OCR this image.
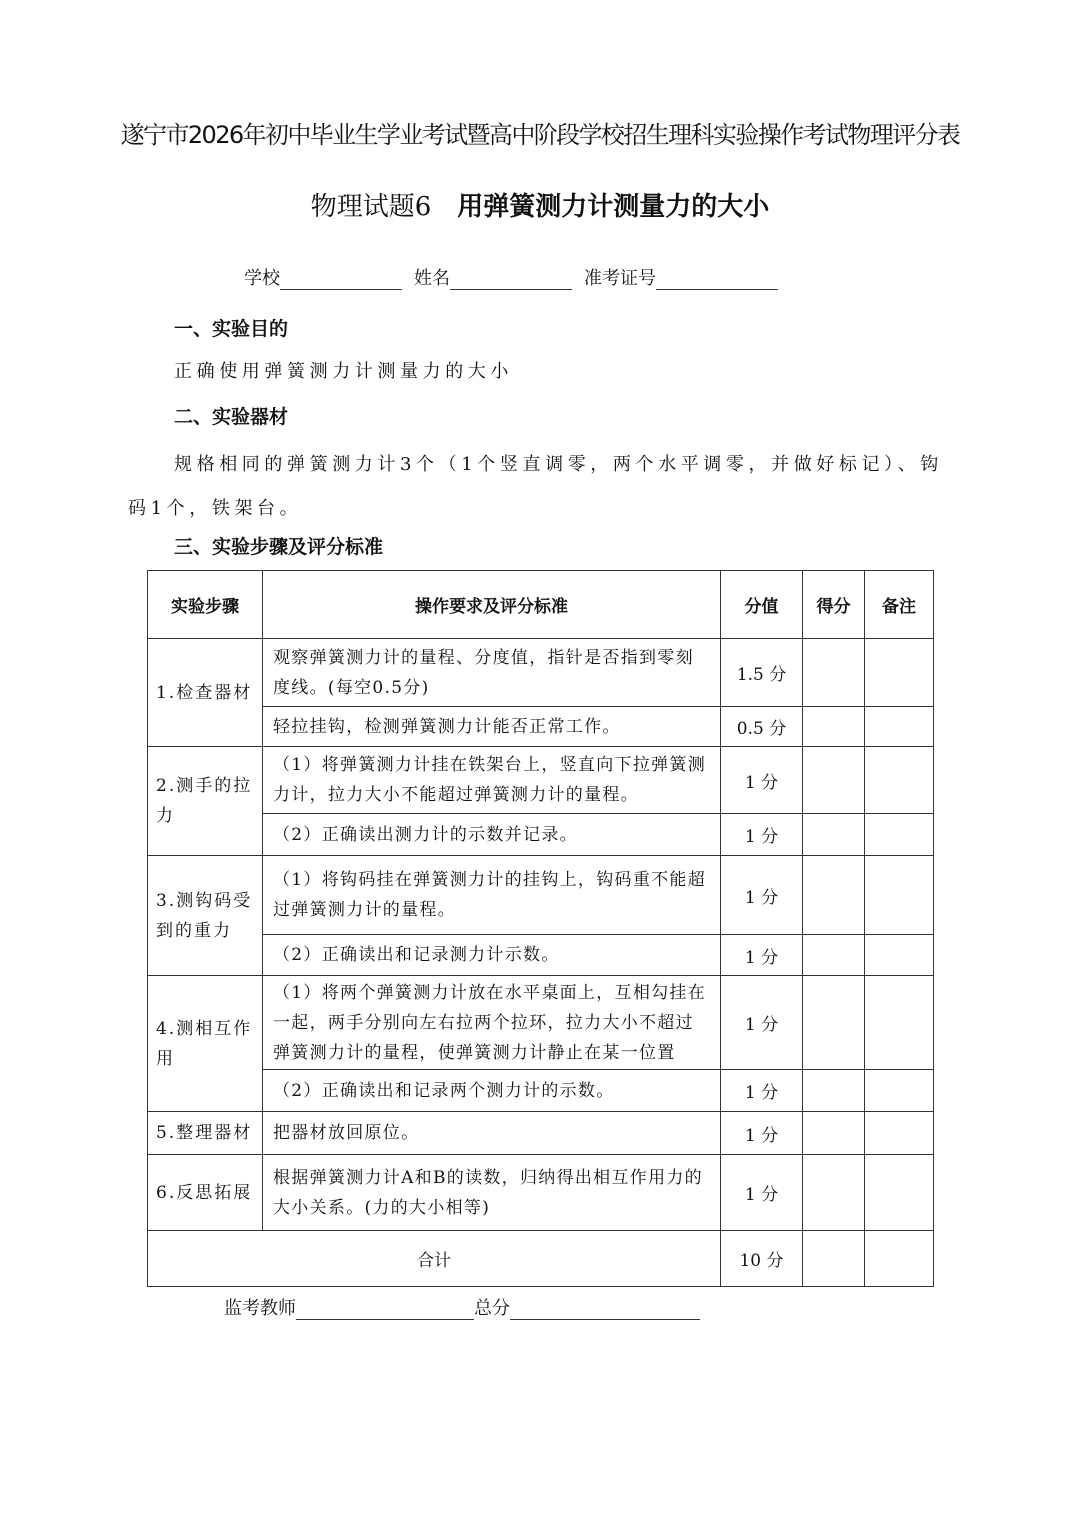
遂宁市2026年初中毕业生学业考试暨高中阶段学校招生理科实验操作考试物理评分表
物理试题6 用弹簧测力计测量力的大小
学校	姓名	准考证号
一、实验目的
正确使用弹簧测力计测量力的大小
二、实验器材
规格相同的弹簧测力计3个（1个竖直调零，两个水平调零，并做好标记）、钩码1个，铁架台。
三、实验步骤及评分标准
实验步骤	操作要求及评分标准	分值	得分	备注
1.检查器材	观察弹簧测力计的量程、分度值，指针是否指到零刻度线。(每空0.5分)	1.5 分		
	轻拉挂钩，检测弹簧测力计能否正常工作。	0.5 分		
2.测手的拉力	（1）将弹簧测力计挂在铁架台上，竖直向下拉弹簧测力计，拉力大小不能超过弹簧测力计的量程。	1 分		
	（2）正确读出测力计的示数并记录。	1 分		
3.测钩码受到的重力	（1）将钩码挂在弹簧测力计的挂钩上，钩码重不能超过弹簧测力计的量程。	1 分		
	（2）正确读出和记录测力计示数。	1 分		
4.测相互作用	（1）将两个弹簧测力计放在水平桌面上，互相勾挂在一起，两手分别向左右拉两个拉环，拉力大小不超过弹簧测力计的量程，使弹簧测力计静止在某一位置	1 分		
	（2）正确读出和记录两个测力计的示数。	1 分		
5.整理器材	把器材放回原位。	1 分		
6.反思拓展	根据弹簧测力计A和B的读数，归纳得出相互作用力的大小关系。(力的大小相等)	1 分		
合计		10 分		
监考教师	总分
